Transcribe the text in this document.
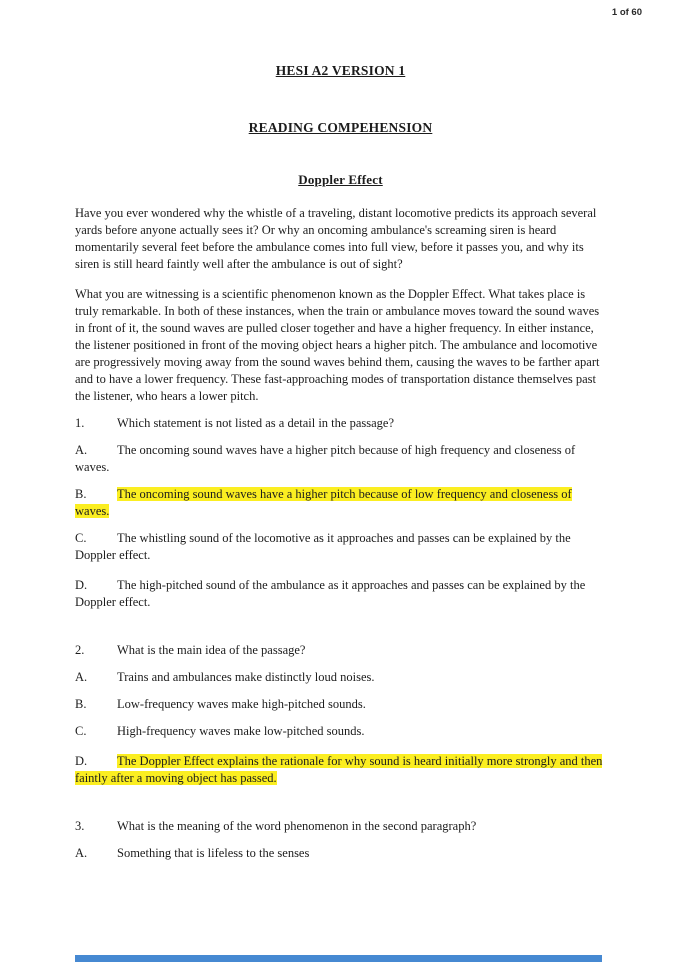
1 of 60
HESI A2 VERSION 1
READING COMPEHENSION
Doppler Effect

Have you ever wondered why the whistle of a traveling, distant locomotive predicts its approach several yards before anyone actually sees it? Or why an oncoming ambulance's screaming siren is heard momentarily several feet before the ambulance comes into full view, before it passes you, and why its siren is still heard faintly well after the ambulance is out of sight?

What you are witnessing is a scientific phenomenon known as the Doppler Effect. What takes place is truly remarkable. In both of these instances, when the train or ambulance moves toward the sound waves in front of it, the sound waves are pulled closer together and have a higher frequency. In either instance, the listener positioned in front of the moving object hears a higher pitch. The ambulance and locomotive are progressively moving away from the sound waves behind them, causing the waves to be farther apart and to have a lower frequency. These fast-approaching modes of transportation distance themselves past the listener, who hears a lower pitch.

1.	Which statement is not listed as a detail in the passage?

A. The oncoming sound waves have a higher pitch because of high frequency and closeness of waves.

B. The oncoming sound waves have a higher pitch because of low frequency and closeness of waves.

C. The whistling sound of the locomotive as it approaches and passes can be explained by the Doppler effect.

D. The high-pitched sound of the ambulance as it approaches and passes can be explained by the Doppler effect.

2.	What is the main idea of the passage?

A. Trains and ambulances make distinctly loud noises.

B. Low-frequency waves make high-pitched sounds.

C. High-frequency waves make low-pitched sounds.

D. The Doppler Effect explains the rationale for why sound is heard initially more strongly and then faintly after a moving object has passed.

3.	What is the meaning of the word phenomenon in the second paragraph?

A. Something that is lifeless to the senses
